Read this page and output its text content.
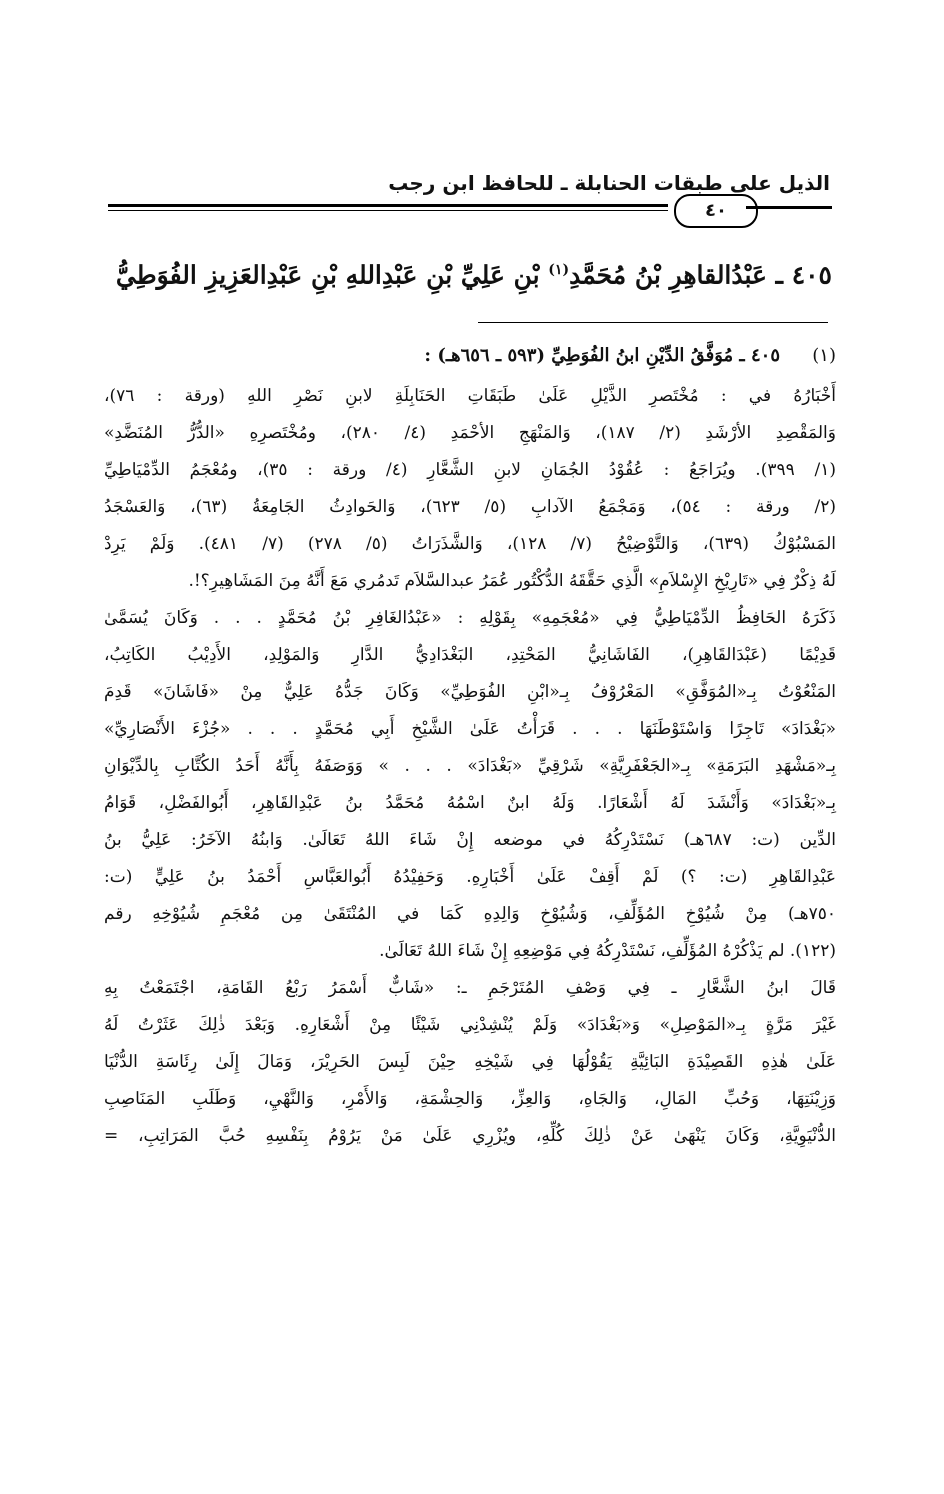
الذيل على طبقات الحنابلة ـ للحافظ ابن رجب
٤٠
٤٠٥ ـ عَبْدُالقاهِرِ بْنُ مُحَمَّدِ$^{(١)}$ بْنِ عَلِيِّ بْنِ عَبْدِاللهِ بْنِ عَبْدِالعَزِيزِ الفُوَطِيُّ
(١)
٤٠٥ ـ مُوَفَّقُ الدِّيْنِ ابنُ الفُوَطِيِّ (٥٩٣ ـ ٦٥٦هـ) :
أَخْبَارُهُ في : مُخْتَصرِ الذَّيْلِ عَلَىٰ طَبَقَاتِ الحَنَابِلَةِ لابنِ نَصْرِ اللهِ (ورقة : ٧٦)،
وَالمَقْصِدِ الأرْشَدِ (٢/ ١٨٧)، وَالمَنْهَجِ الأحْمَدِ (٤/ ٢٨٠)، ومُخْتَصرِهِ «الدُّرُّ المُنَضَّدِ»
(١/ ٣٩٩). ويُرَاجَعُ : عُقُوْدُ الجُمَانِ لابنِ الشَّعَّارِ (٤/ ورقة : ٣٥)، ومُعْجَمُ الدِّمْيَاطِيِّ
(٢/ ورقة : ٥٤)، وَمَجْمَعُ الآدابِ (٥/ ٦٢٣)، وَالحَوادِثُ الجَامِعَةُ (٦٣)، وَالعَسْجَدُ
المَسْبُوْكُ (٦٣٩)، وَالتَّوْضِيْحُ (٧/ ١٢٨)، وَالشَّذَرَاتُ (٥/ ٢٧٨) (٧/ ٤٨١). وَلَمْ يَرِدْ
لَهُ ذِكْرٌ فِي «تَارِيْخِ الإِسْلاَمِ» الَّذِي حَقَّقَهُ الدُّكْتُور عُمَرُ عبدالسَّلاَم تَدمُري مَعَ أَنَّهُ مِنَ المَشَاهِيرِ؟!.
ذَكَرَهُ الحَافِظُ الدِّمْيَاطِيُّ فِي «مُعْجَمِهِ» بِقَوْلِهِ : «عَبْدُالغَافِرِ بْنُ مُحَمَّدٍ . . . وَكَانَ يُسَمَّىٰ
قَدِيْمًا (عَبْدَالقَاهِرِ)، الفَاشَانِيُّ المَحْتِدِ، البَغْدَادِيُّ الدَّارِ وَالمَوْلِدِ، الأَدِيْبُ الكَاتِبُ،
المَنْعُوْتُ بِـ«المُوَفَّقِ» المَعْرُوْفُ بِـ«ابْنِ الفُوَطِيِّ» وَكَانَ جَدُّهُ عَلِيٌّ مِنْ «فَاشَانَ» قَدِمَ
«بَغْدَادَ» تَاجِرًا وَاسْتَوْطَنَهَا . . . قَرَأْتُ عَلَىٰ الشَّيْخِ أَبِي مُحَمَّدٍ . . . «جُزْءَ الأَنْصَارِيِّ»
بِـ«مَشْهَدِ البَرَمَةِ» بِـ«الجَعْفَرِيَّةِ» شَرْقِيِّ «بَغْدَادَ» . . . » وَوَصَفَهُ بِأَنَّهُ أَحَدُ الكُتَّابِ بِالدِّيْوَانِ
بِـ«بَغْدَادَ» وَأَنْشَدَ لَهُ أَشْعَارًا. وَلَهُ ابنٌ اسْمُهُ مُحَمَّدُ بنُ عَبْدِالقَاهِرِ، أَبُوالفَضْلِ، قَوَامُ
الدِّين (ت: ٦٨٧هـ) نَسْتَدْرِكُهُ في موضعه إِنْ شَاءَ اللهُ تَعَالَىٰ. وَابنُهُ الآخَرُ: عَلِيُّ بنُ
عَبْدِالقَاهِرِ (ت: ؟) لَمْ أَقِفْ عَلَىٰ أَخْبَارِهِ. وَحَفِيْدُهُ أَبُوالعَبَّاسِ أَحْمَدُ بنُ عَلِيٍّ (ت:
٧٥٠هـ) مِنْ شُيُوْخِ المُؤَلِّفِ، وَشُيُوْخِ وَالِدِهِ كَمَا في المُنْتَقَىٰ مِن مُعْجَمِ شُيُوْخِهِ رقم
(١٢٢). لم يَذْكُرْهُ المُؤَلِّفِ، نَسْتَدْرِكُهُ فِي مَوْضِعِهِ إِنْ شَاءَ اللهُ تَعَالَىٰ.
قَالَ ابنُ الشَّعَّارِ ـ فِي وَصْفِ المُتَرْجَمِ ـ: «شَابٌّ أَسْمَرُ رَبْعُ القَامَةِ، اجْتَمَعْتُ بِهِ
غَيْرَ مَرَّةٍ بِـ«المَوْصِلِ» وَ«بَغْدَادَ» وَلَمْ يُنْشِدْنِي شَيْئًا مِنْ أَشْعَارِهِ. وَبَعْدَ ذٰلِكَ عَثَرْتُ لَهُ
عَلَىٰ هٰذِهِ القَصِيْدَةِ البَائِيَّةِ يَقُوْلُهَا فِي شَيْخِهِ حِيْنَ لَبِسَ الحَرِيْرَ، وَمَالَ إِلَىٰ رِئَاسَةِ الدُّنْيَا
وَزِيْنَتِهَا، وَحُبِّ المَالِ، وَالجَاهِ، وَالعِزِّ، وَالحِشْمَةِ، وَالأَمْرِ، وَالنَّهْيِ، وَطَلَبِ المَنَاصِبِ
الدُّنْيَوِيَّةِ، وَكَانَ يَنْهَىٰ عَنْ ذٰلِكَ كُلِّهِ، ويُزْرِي عَلَىٰ مَنْ يَرُوْمُ بِنَفْسِهِ حُبَّ المَرَاتِبِ، =
